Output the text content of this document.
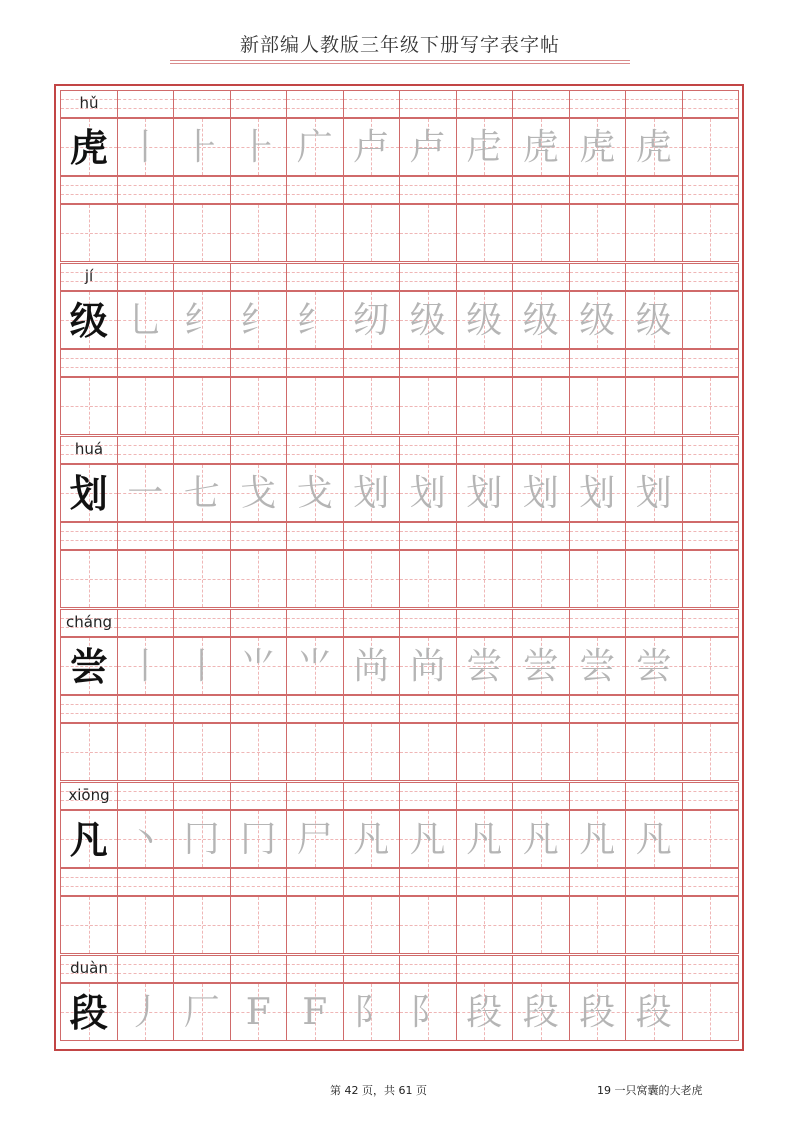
新部编人教版三年级下册写字表字帖
hǔ
虎 丨 ⺊ ⺊ 广 卢 卢 虍 虎 虎 虎
jí
级 乚 纟 纟 纟 纫 级 级 级 级 级
huá
划 一 七 戈 戈 划 划 划 划 划 划
cháng
尝 丨 丨 ⺌ ⺌ 尚 尚 尝 尝 尝 尝
xiōng
凡 丶 冂 冂 尸 凡 凡 凡 凡 凡 凡
duàn
段 丿 厂 F F 阝 阝 段 段 段 段
第 42 页，共 61 页	19 一只窝囊的大老虎
